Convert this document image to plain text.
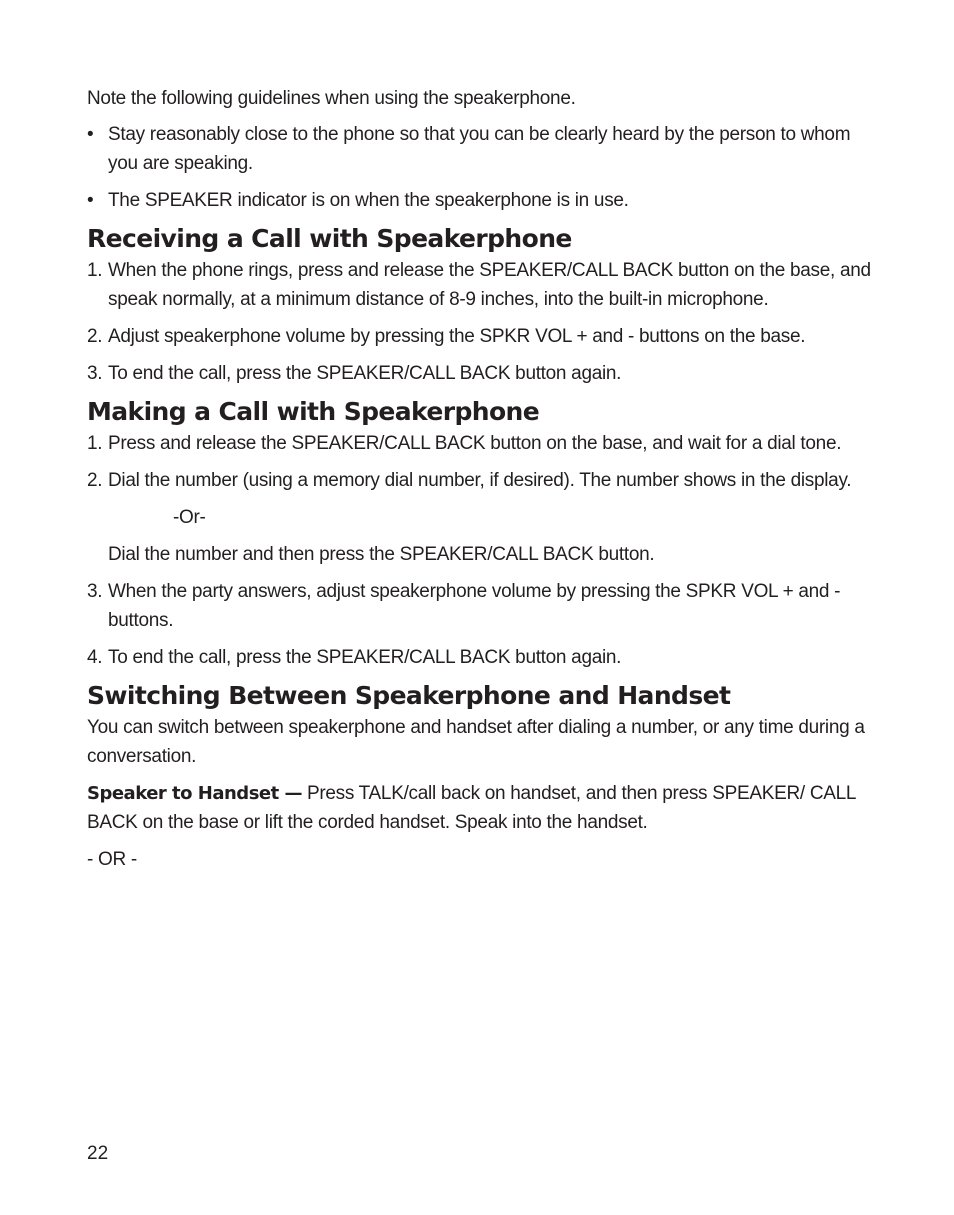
Note the following guidelines when using the speakerphone.

• Stay reasonably close to the phone so that you can be clearly heard by the person to whom you are speaking.
• The SPEAKER indicator is on when the speakerphone is in use.
Receiving a Call with Speakerphone
1. When the phone rings, press and release the SPEAKER/CALL BACK button on the base, and speak normally, at a minimum distance of 8-9 inches, into the built-in microphone.
2. Adjust speakerphone volume by pressing the SPKR VOL + and - buttons on the base.
3. To end the call, press the SPEAKER/CALL BACK button again.
Making a Call with Speakerphone
1. Press and release the SPEAKER/CALL BACK button on the base, and wait for a dial tone.
2. Dial the number (using a memory dial number, if desired). The number shows in the display.

-Or-

Dial the number and then press the SPEAKER/CALL BACK button.

3. When the party answers, adjust speakerphone volume by pressing the SPKR VOL + and - buttons.
4. To end the call, press the SPEAKER/CALL BACK button again.
Switching Between Speakerphone and Handset

You can switch between speakerphone and handset after dialing a number, or any time during a conversation.

Speaker to Handset — Press TALK/call back on handset, and then press SPEAKER/ CALL BACK on the base or lift the corded handset. Speak into the handset.

- OR -

22
